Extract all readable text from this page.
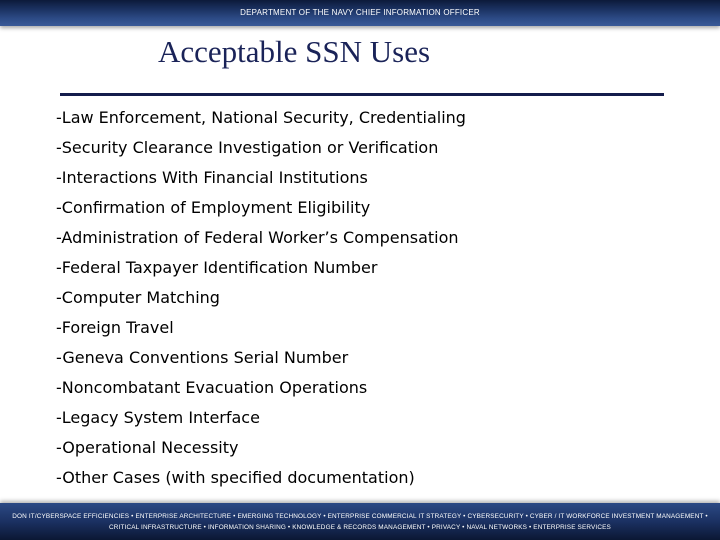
DEPARTMENT OF THE NAVY CHIEF INFORMATION OFFICER
Acceptable SSN Uses
-Law Enforcement, National Security, Credentialing
-Security Clearance Investigation or Verification
-Interactions With Financial Institutions
-Confirmation of Employment Eligibility
-Administration of Federal Worker’s Compensation
-Federal Taxpayer Identification Number
-Computer Matching
-Foreign Travel
-Geneva Conventions Serial Number
-Noncombatant Evacuation Operations
-Legacy System Interface
-Operational Necessity
-Other Cases (with specified documentation)
DON IT/CYBERSPACE EFFICIENCIES • ENTERPRISE ARCHITECTURE • EMERGING TECHNOLOGY • ENTERPRISE COMMERCIAL IT STRATEGY • CYBERSECURITY • CYBER / IT WORKFORCE INVESTMENT MANAGEMENT • CRITICAL INFRASTRUCTURE • INFORMATION SHARING • KNOWLEDGE & RECORDS MANAGEMENT • PRIVACY • NAVAL NETWORKS • ENTERPRISE SERVICES
